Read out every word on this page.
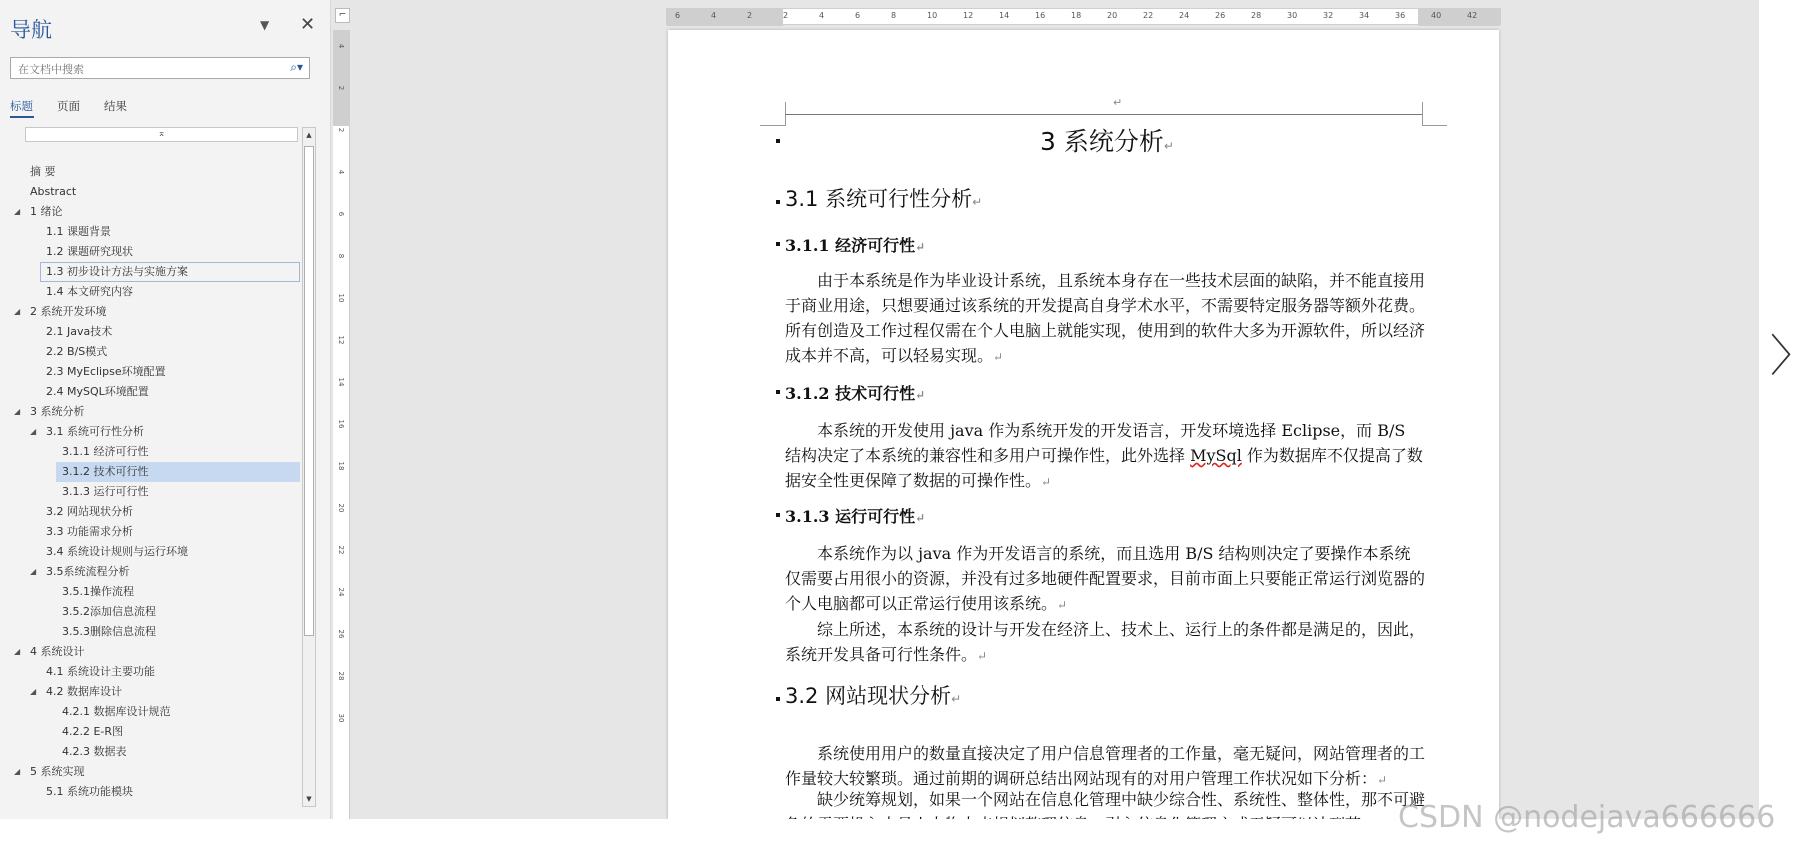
导航	▼ ✕
在文档中搜索
⌕▾
标题 页面 结果
⌅
摘 要
Abstract
◢ 1 绪论
1.1 课题背景
1.2 课题研究现状
1.3 初步设计方法与实施方案
1.4 本文研究内容
◢ 2 系统开发环境
2.1 Java技术
2.2 B/S模式
2.3 MyEclipse环境配置
2.4 MySQL环境配置
◢ 3 系统分析
◢ 3.1 系统可行性分析
3.1.1 经济可行性
3.1.2 技术可行性
3.1.3 运行可行性
3.2 网站现状分析
3.3 功能需求分析
3.4 系统设计规则与运行环境
◢ 3.5系统流程分析
3.5.1操作流程
3.5.2添加信息流程
3.5.3删除信息流程
◢ 4 系统设计
4.1 系统设计主要功能
◢ 4.2 数据库设计
4.2.1 数据库设计规范
4.2.2 E-R图
4.2.3 数据表
◢ 5 系统实现
5.1 系统功能模块
▲
▼
⌐
4
2
2
4
6
8
10
12
14
16
18
20
22
24
26
28
30
6	4	2	2	4	6	8	10	12	14	16	18	20	22	24	26	28	30	32	34	36	40	42
↵
3 系统分析↵
3.1 系统可行性分析↵
3.1.1 经济可行性↵
由于本系统是作为毕业设计系统，且系统本身存在一些技术层面的缺陷，并不能直接用于商业用途，只想要通过该系统的开发提高自身学术水平，不需要特定服务器等额外花费。所有创造及工作过程仅需在个人电脑上就能实现，使用到的软件大多为开源软件，所以经济成本并不高，可以轻易实现。↵
3.1.2 技术可行性↵
本系统的开发使用 java 作为系统开发的开发语言，开发环境选择 Eclipse，而 B/S 结构决定了本系统的兼容性和多用户可操作性，此外选择 MySql 作为数据库不仅提高了数据安全性更保障了数据的可操作性。↵
3.1.3 运行可行性↵
本系统作为以 java 作为开发语言的系统，而且选用 B/S 结构则决定了要操作本系统仅需要占用很小的资源，并没有过多地硬件配置要求，目前市面上只要能正常运行浏览器的个人电脑都可以正常运行使用该系统。↵
综上所述，本系统的设计与开发在经济上、技术上、运行上的条件都是满足的，因此，系统开发具备可行性条件。↵
3.2 网站现状分析↵
系统使用用户的数量直接决定了用户信息管理者的工作量，毫无疑问，网站管理者的工作量较大较繁琐。通过前期的调研总结出网站现有的对用户管理工作状况如下分析：↵
缺少统筹规划，如果一个网站在信息化管理中缺少综合性、系统性、整体性，那不可避
〉
CSDN @nodejava666666
